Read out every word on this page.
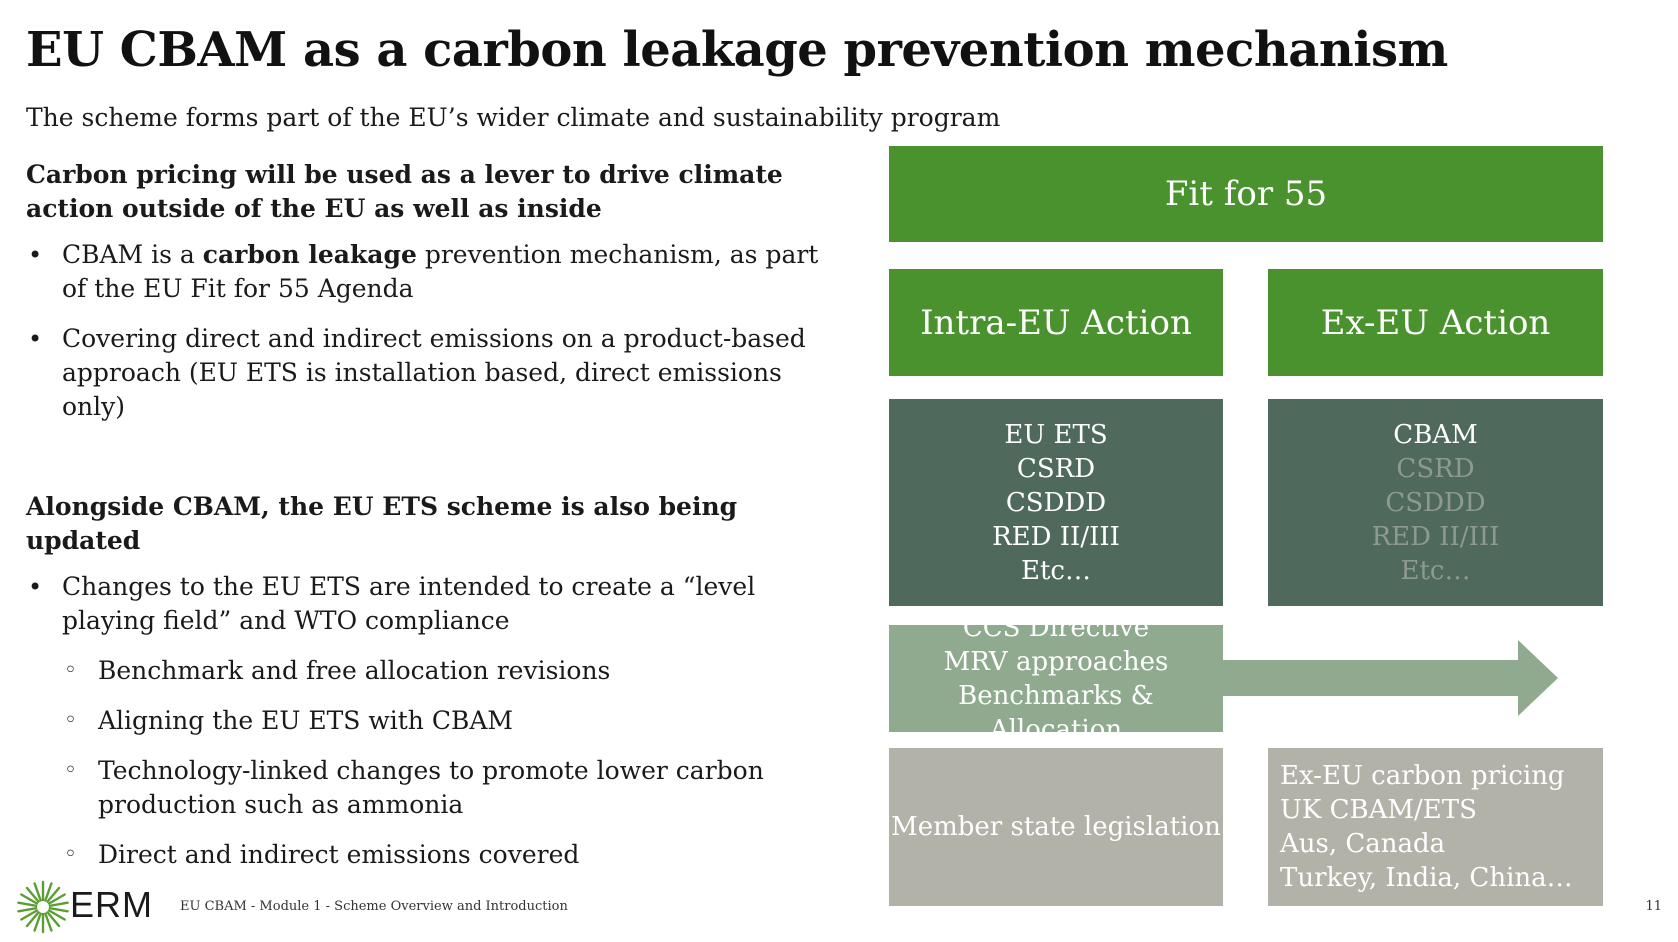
EU CBAM as a carbon leakage prevention mechanism

The scheme forms part of the EU’s wider climate and sustainability program

Carbon pricing will be used as a lever to drive climate action outside of the EU as well as inside

• CBAM is a carbon leakage prevention mechanism, as part of the EU Fit for 55 Agenda
• Covering direct and indirect emissions on a product-based approach (EU ETS is installation based, direct emissions only)

Alongside CBAM, the EU ETS scheme is also being updated

• Changes to the EU ETS are intended to create a “level playing field” and WTO compliance
◦ Benchmark and free allocation revisions
◦ Aligning the EU ETS with CBAM
◦ Technology-linked changes to promote lower carbon production such as ammonia
◦ Direct and indirect emissions covered
Fit for 55
Intra-EU Action	Ex-EU Action
EU ETS
CSRD
CSDDD
RED II/III
Etc…
CBAM
CSRD
CSDDD
RED II/III
Etc…
CCS Directive
MRV approaches
Benchmarks & Allocation
Member state legislation
Ex-EU carbon pricing
UK CBAM/ETS
Aus, Canada
Turkey, India, China…
ERM EU CBAM - Module 1 - Scheme Overview and Introduction	11
